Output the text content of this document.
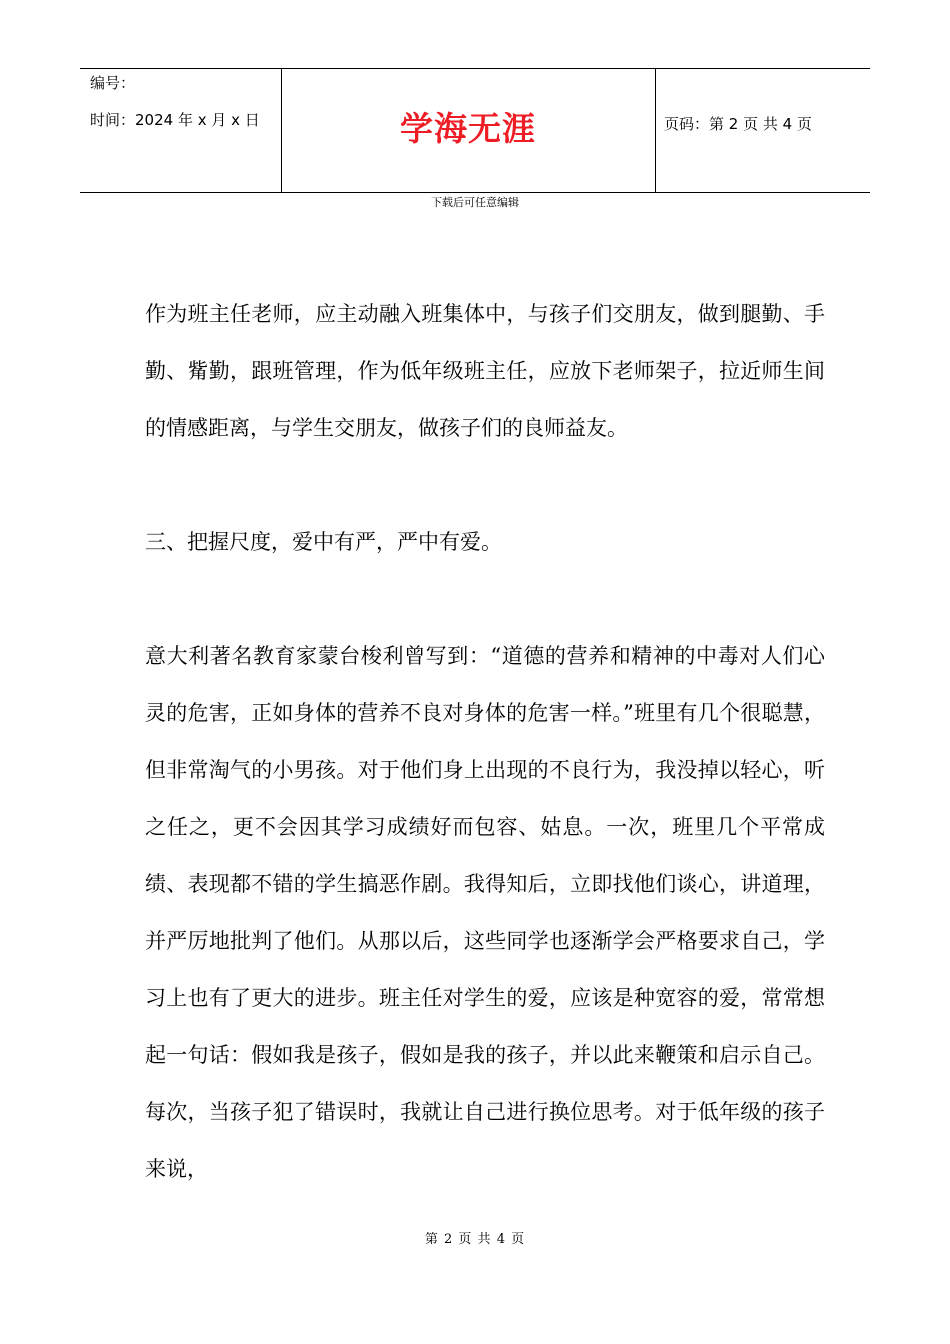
编号：
时间：2024 年 x 月 x 日	学海无涯	页码：第 2 页 共 4 页
下载后可任意编辑
作为班主任老师，应主动融入班集体中，与孩子们交朋友，做到腿勤、手勤、觜勤，跟班管理，作为低年级班主任，应放下老师架子，拉近师生间的情感距离，与学生交朋友，做孩子们的良师益友。
三、把握尺度，爱中有严，严中有爱。
意大利著名教育家蒙台梭利曾写到：“道德的营养和精神的中毒对人们心灵的危害，正如身体的营养不良对身体的危害一样。”班里有几个很聪慧，但非常淘气的小男孩。对于他们身上出现的不良行为，我没掉以轻心，听之任之，更不会因其学习成绩好而包容、姑息。一次，班里几个平常成绩、表现都不错的学生搞恶作剧。我得知后，立即找他们谈心，讲道理，并严厉地批判了他们。从那以后，这些同学也逐渐学会严格要求自己，学习上也有了更大的进步。班主任对学生的爱，应该是种宽容的爱，常常想起一句话：假如我是孩子，假如是我的孩子，并以此来鞭策和启示自己。每次，当孩子犯了错误时，我就让自己进行换位思考。对于低年级的孩子来说，
第 2 页 共 4 页
